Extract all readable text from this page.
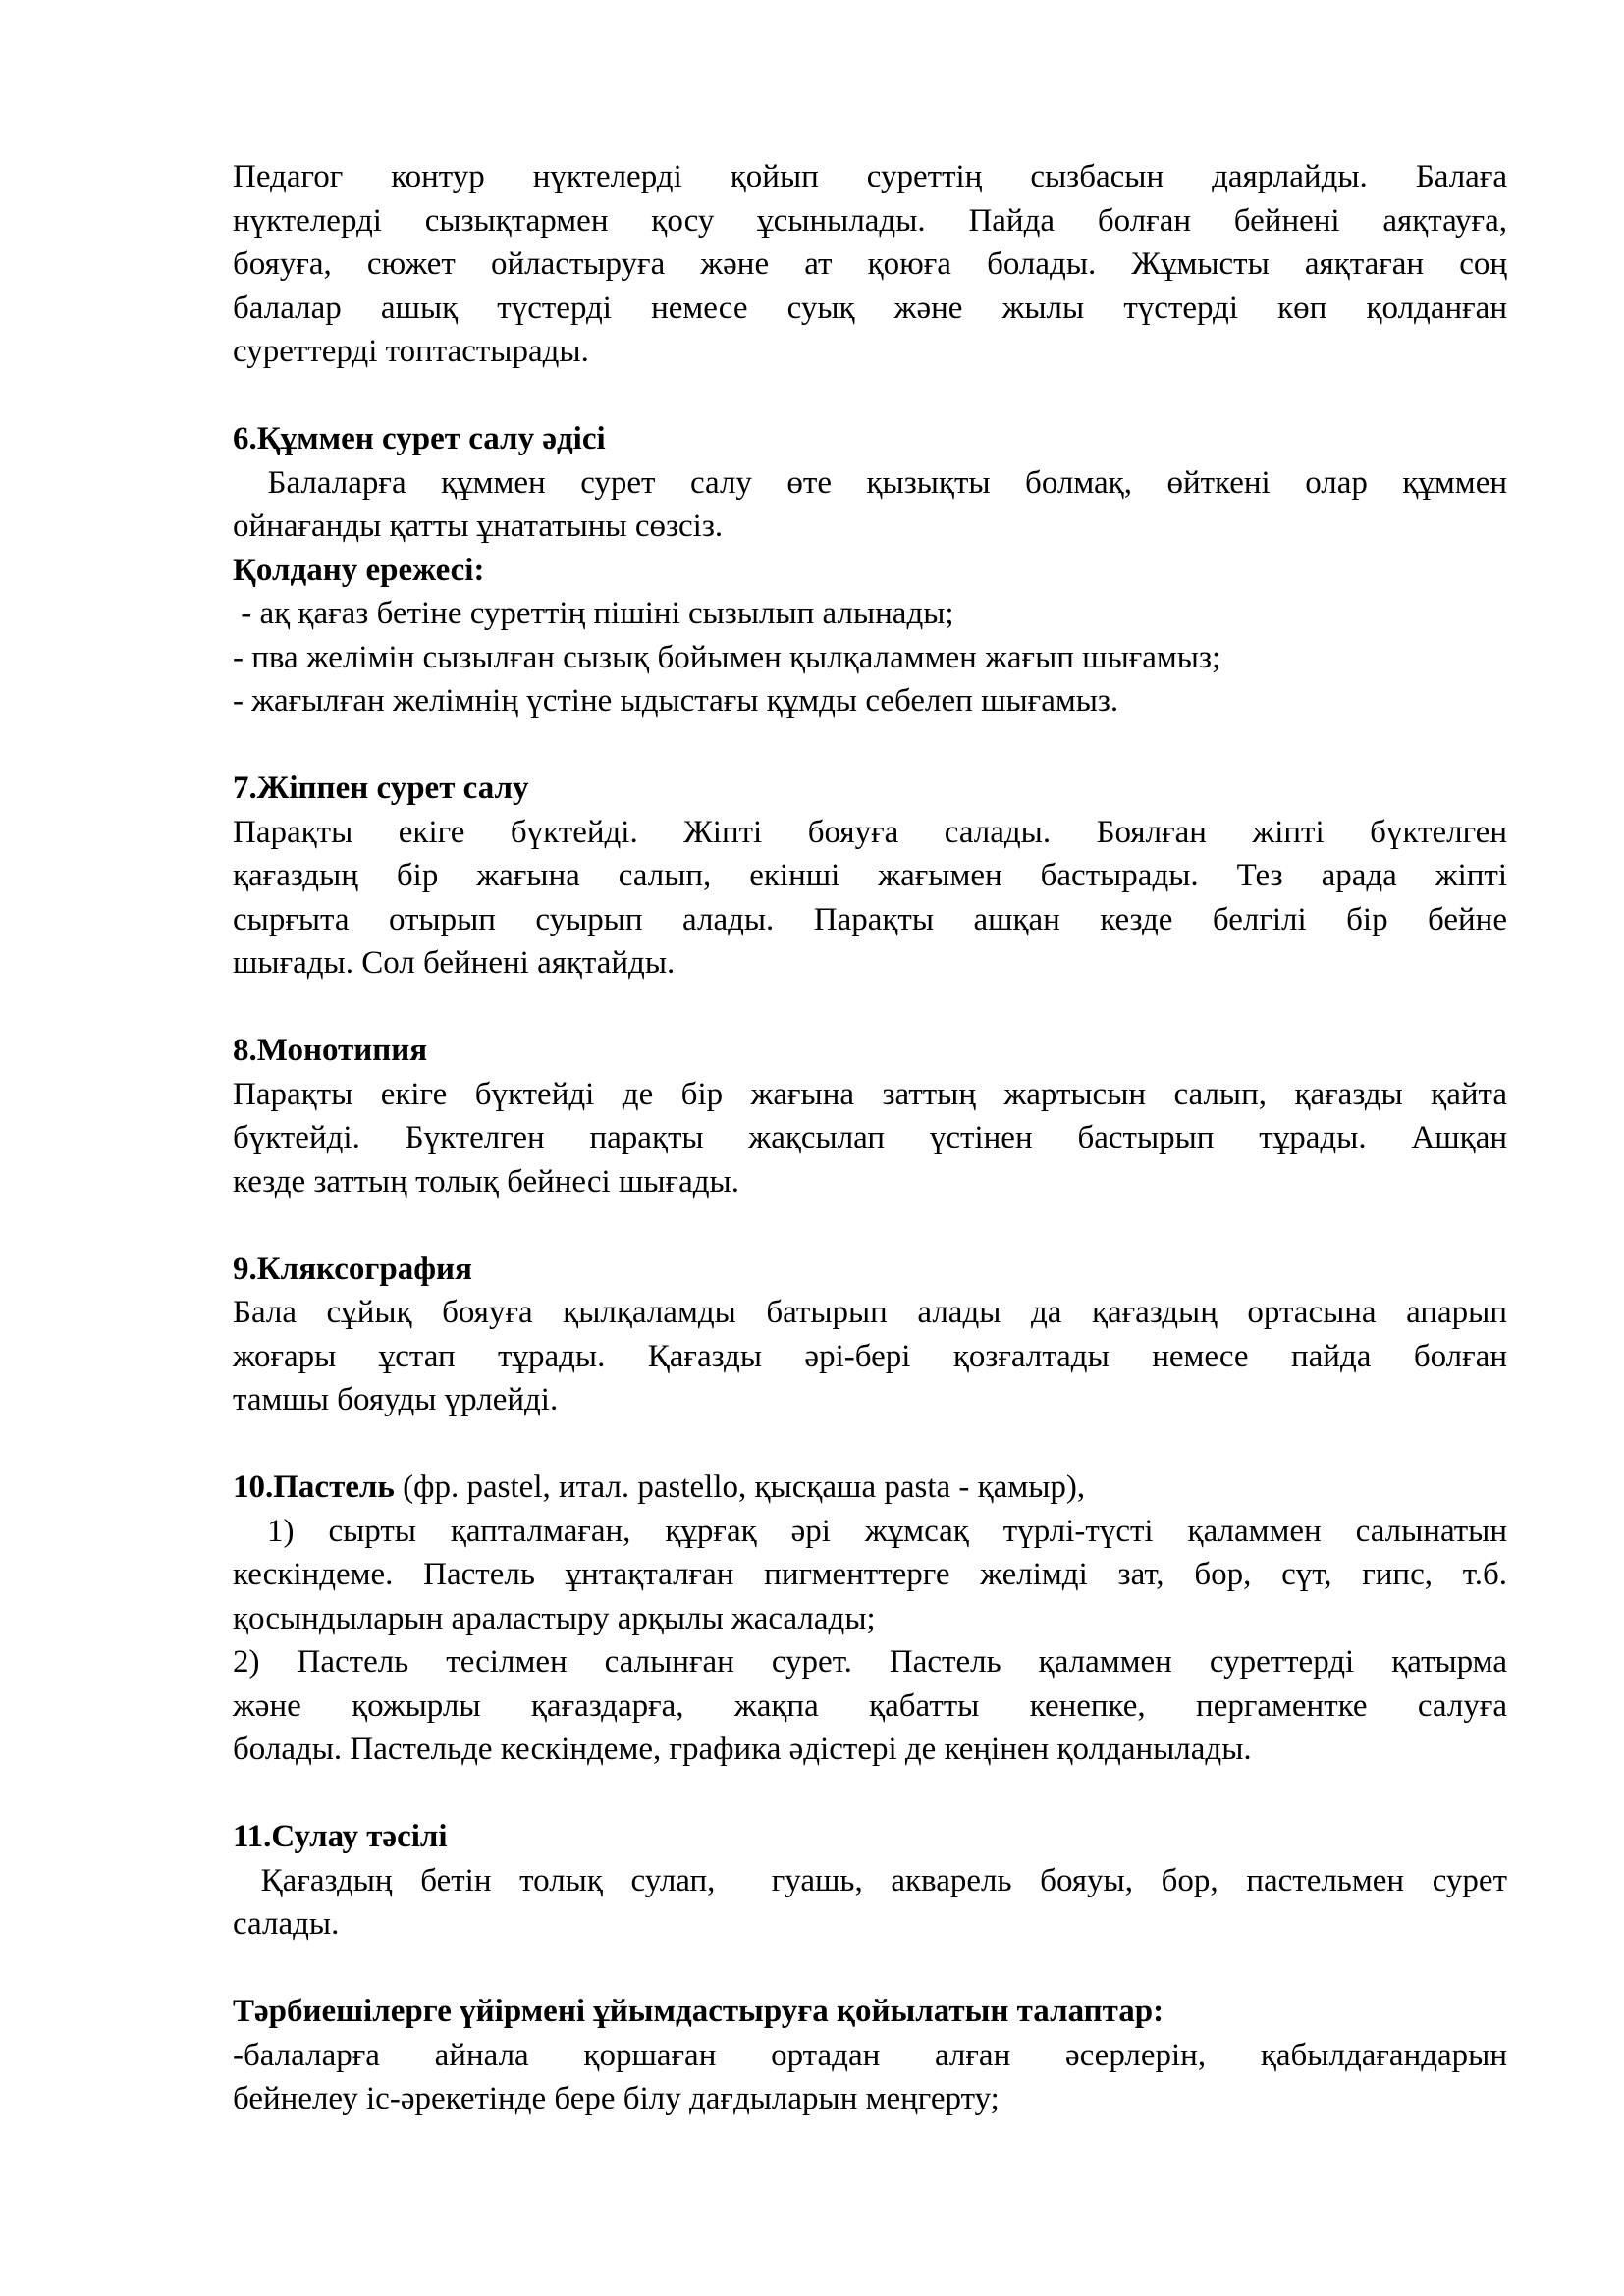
Педагог контур нүктелерді қойып суреттің сызбасын даярлайды. Балаға
нүктелерді сызықтармен қосу ұсынылады. Пайда болған бейнені аяқтауға,
бояуға, сюжет ойластыруға және ат қоюға болады. Жұмысты аяқтаған соң
балалар ашық түстерді немесе суық және жылы түстерді көп қолданған
суреттерді топтастырады.
6.Құммен сурет салу әдісі
Балаларға құммен сурет салу өте қызықты болмақ, өйткені олар құммен
ойнағанды қатты ұнататыны сөзсіз.
Қолдану ережесі:
- ақ қағаз бетіне суреттің пішіні сызылып алынады;
- пва желімін сызылған сызық бойымен қылқаламмен жағып шығамыз;
- жағылған желімнің үстіне ыдыстағы құмды себелеп шығамыз.
7.Жіппен сурет салу
Парақты екіге бүктейді. Жіпті бояуға салады. Боялған жіпті бүктелген
қағаздың бір жағына салып, екінші жағымен бастырады. Тез арада жіпті
сырғыта отырып суырып алады. Парақты ашқан кезде белгілі бір бейне
шығады. Сол бейнені аяқтайды.
8.Монотипия
Парақты екіге бүктейді де бір жағына заттың жартысын салып, қағазды қайта
бүктейді. Бүктелген парақты жақсылап үстінен бастырып тұрады. Ашқан
кезде заттың толық бейнесі шығады.
9.Кляксография
Бала сұйық бояуға қылқаламды батырып алады да қағаздың ортасына апарып
жоғары ұстап тұрады. Қағазды әрі-бері қозғалтады немесе пайда болған
тамшы бояуды үрлейді.
10.Пастель (фр. pastel, итал. pastello, қысқаша pasta - қамыр),
1) сырты қапталмаған, құрғақ әрі жұмсақ түрлі-түсті қаламмен салынатын
кескіндеме. Пастель ұнтақталған пигменттерге желімді зат, бор, сүт, гипс, т.б.
қосындыларын араластыру арқылы жасалады;
2) Пастель тесілмен салынған сурет. Пастель қаламмен суреттерді қатырма
және қожырлы қағаздарға, жақпа қабатты кенепке, пергаментке салуға
болады. Пастельде кескіндеме, графика әдістері де кеңінен қолданылады.
11.Сулау тәсілі
Қағаздың бетін толық сулап,  гуашь, акварель бояуы, бор, пастельмен сурет
салады.
Тәрбиешілерге үйірмені ұйымдастыруға қойылатын талаптар:
-балаларға айнала қоршаған ортадан алған әсерлерін, қабылдағандарын
бейнелеу іс-әрекетінде бере білу дағдыларын меңгерту;
